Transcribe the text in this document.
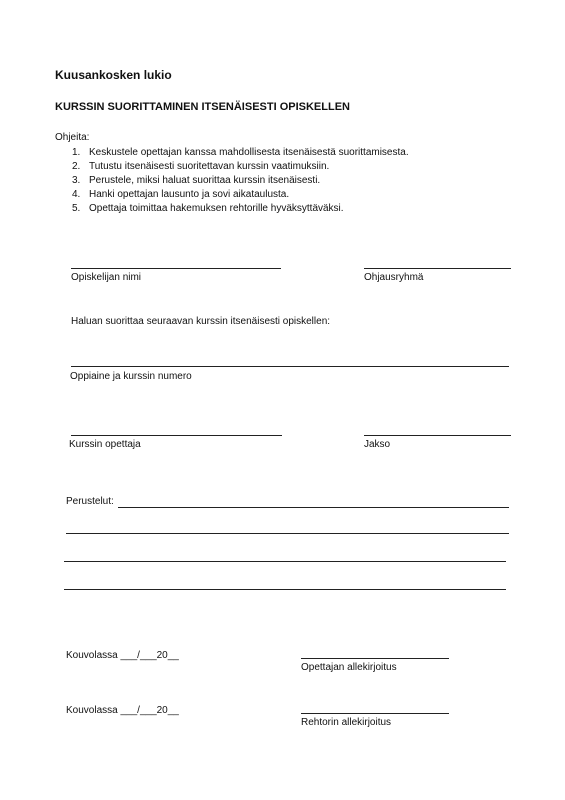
Kuusankosken lukio
KURSSIN SUORITTAMINEN ITSENÄISESTI OPISKELLEN
Ohjeita:
1. Keskustele opettajan kanssa mahdollisesta itsenäisestä suorittamisesta.
2. Tutustu itsenäisesti suoritettavan kurssin vaatimuksiin.
3. Perustele, miksi haluat suorittaa kurssin itsenäisesti.
4. Hanki opettajan lausunto ja sovi aikataulusta.
5. Opettaja toimittaa hakemuksen rehtorille hyväksyttäväksi.
Opiskelijan nimi	Ohjausryhmä
Haluan suorittaa seuraavan kurssin itsenäisesti opiskellen:
Oppiaine ja kurssin numero
Kurssin opettaja	Jakso
Perustelut:
Kouvolassa ___/___20__
Opettajan allekirjoitus
Kouvolassa ___/___20__
Rehtorin allekirjoitus
